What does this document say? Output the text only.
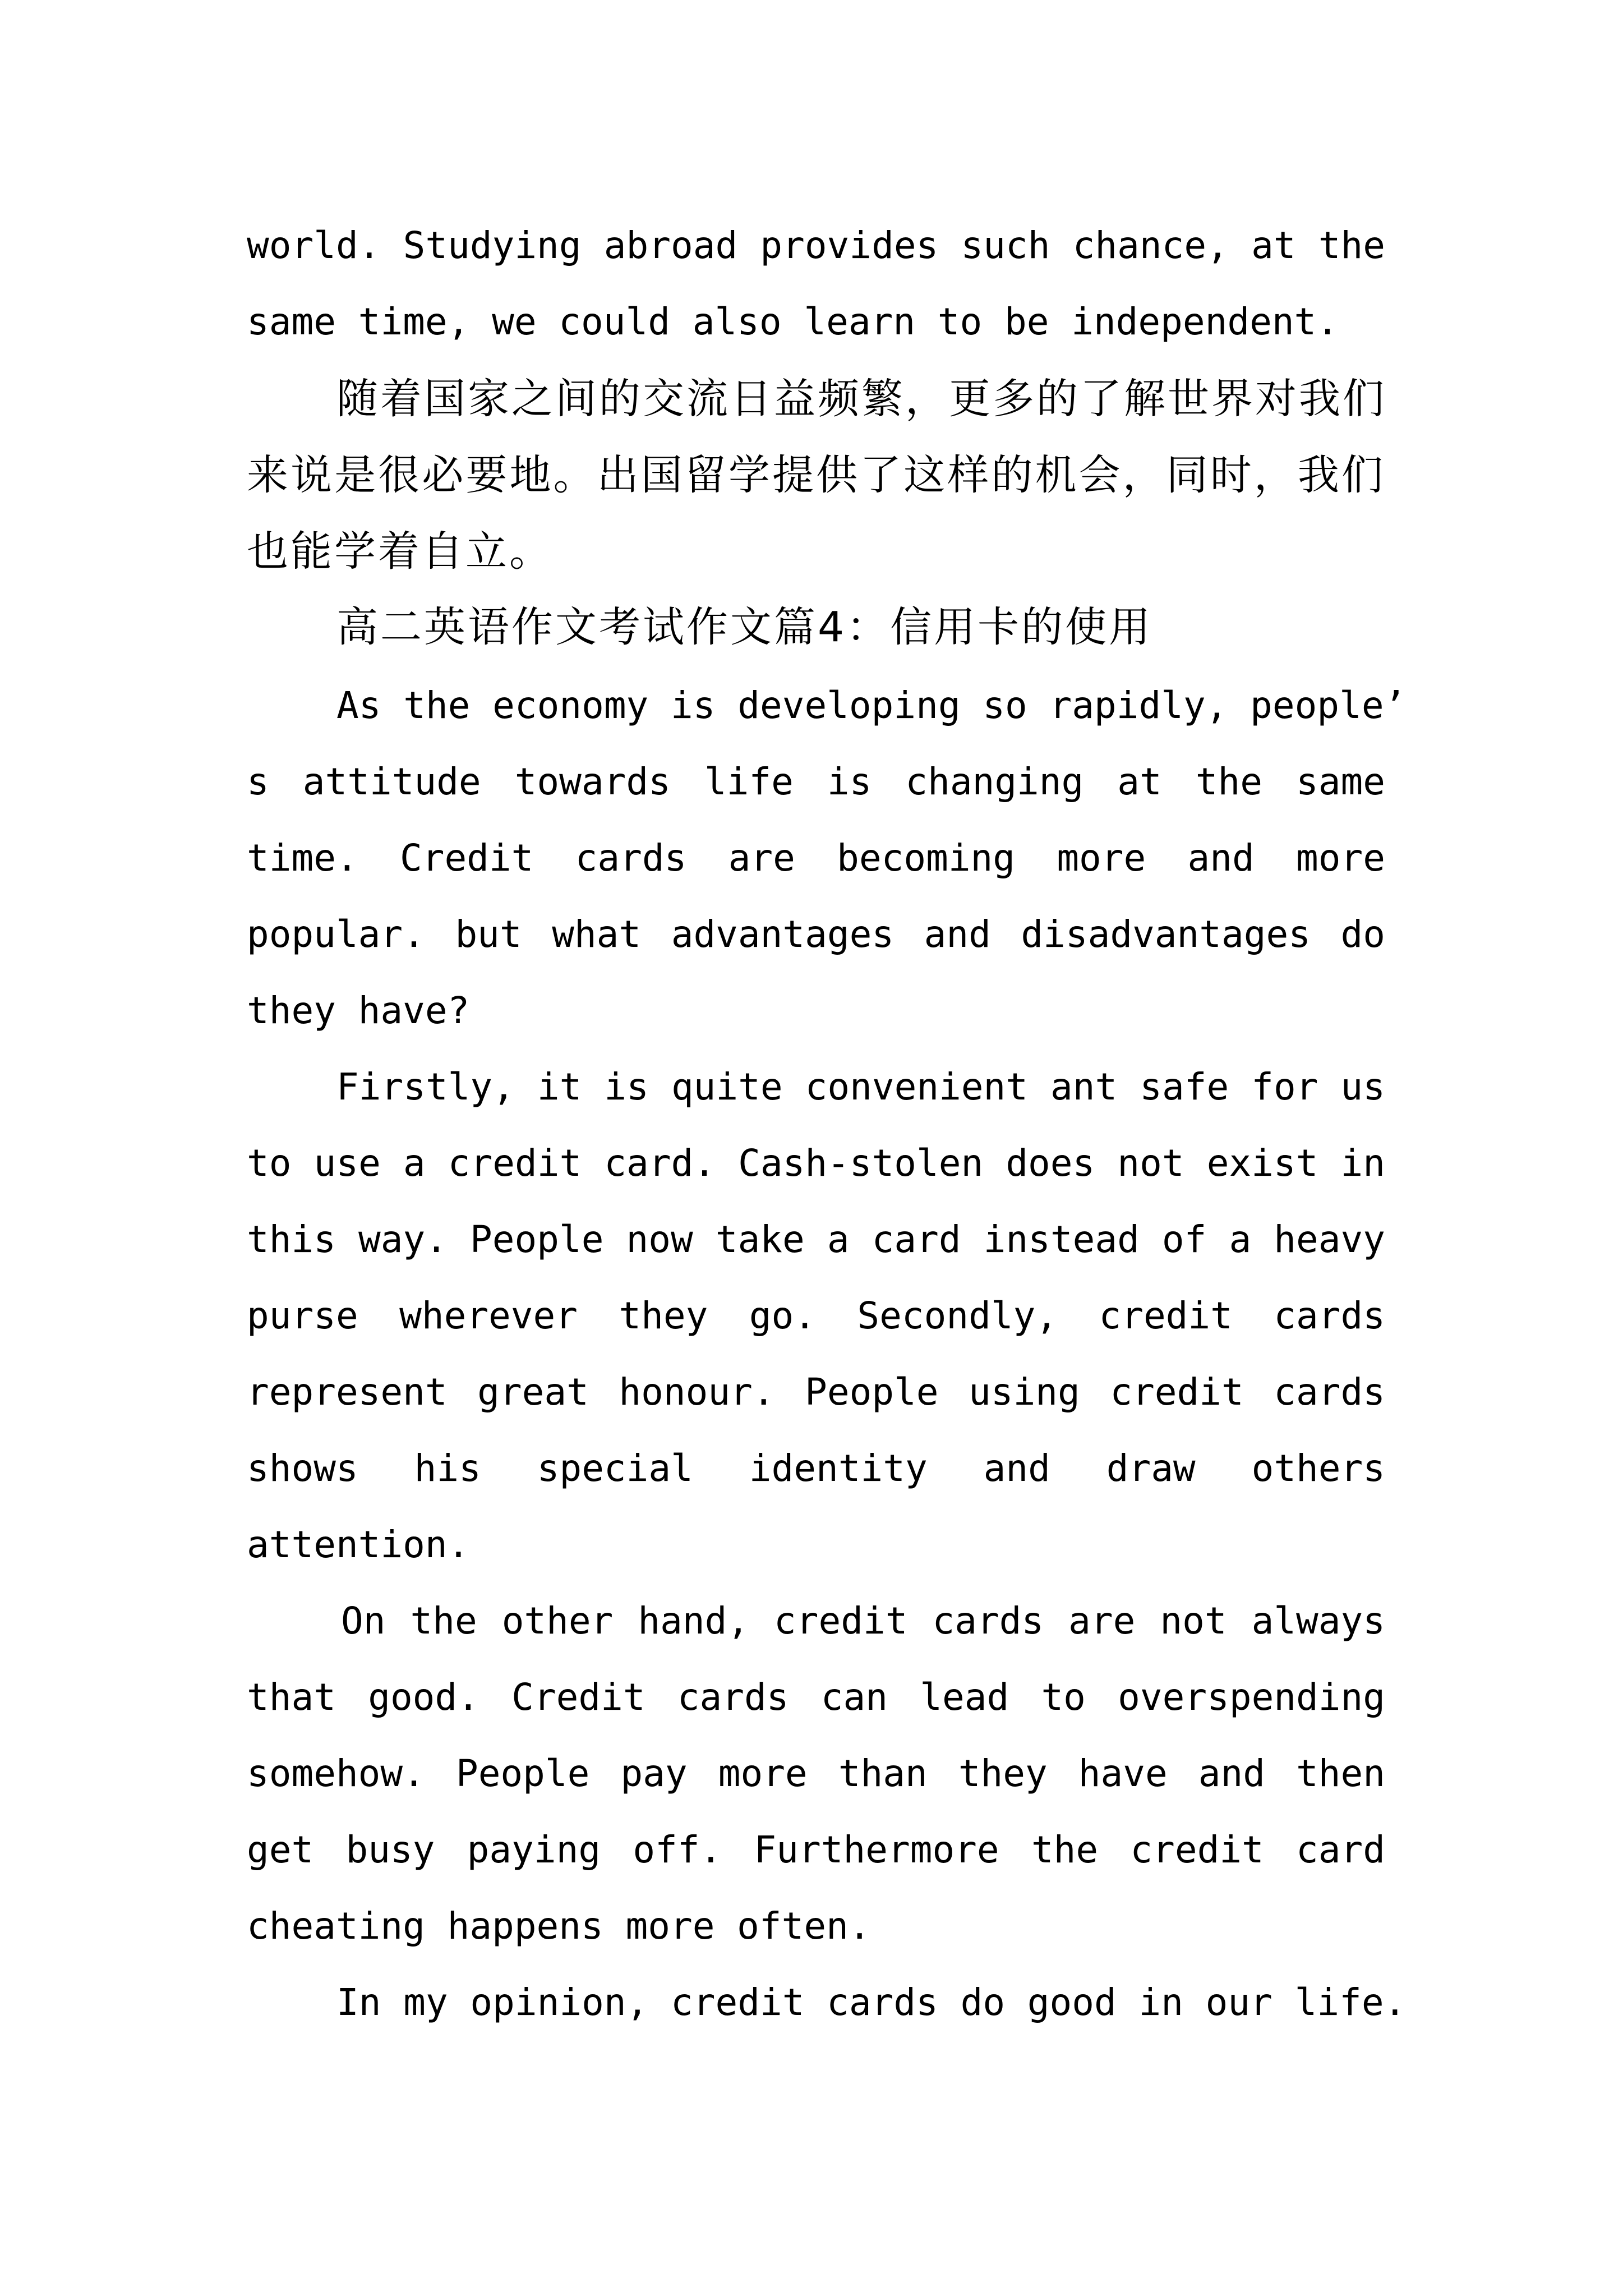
world. Studying abroad provides such chance, at the
same time, we could also learn to be independent.
随着国家之间的交流日益频繁，更多的了解世界对我们
来说是很必要地。出国留学提供了这样的机会，同时，我们
也能学着自立。
高二英语作文考试作文篇4：信用卡的使用
As the economy is developing so rapidly, people’
s attitude towards life is changing at the same
time. Credit cards are becoming more and more
popular. but what advantages and disadvantages do
they have?
Firstly, it is quite convenient ant safe for us
to use a credit card. Cash-stolen does not exist in
this way. People now take a card instead of a heavy
purse wherever they go. Secondly, credit cards
represent great honour. People using credit cards
shows his special identity and draw others
attention.
On the other hand, credit cards are not always
that good. Credit cards can lead to overspending
somehow. People pay more than they have and then
get busy paying off. Furthermore the credit card
cheating happens more often.
In my opinion, credit cards do good in our life.
